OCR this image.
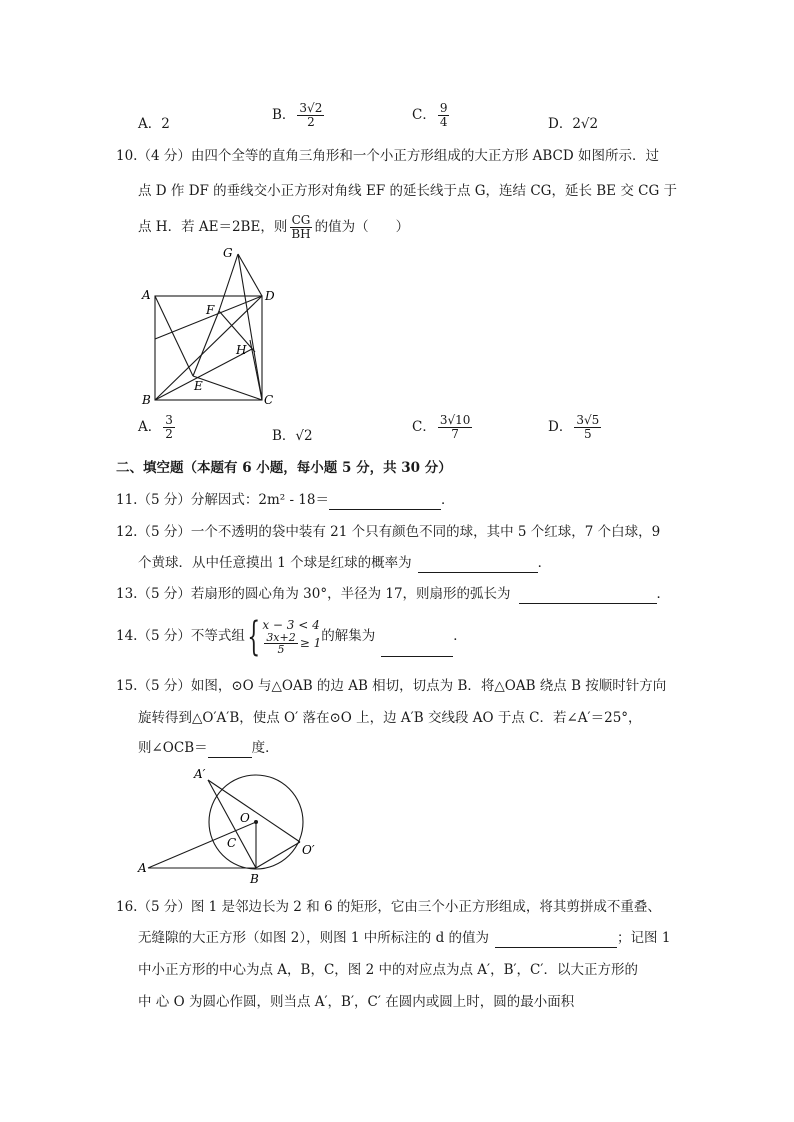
A．2
B． $\frac{3√2}{2}$	C． $\frac{9}{4}$	D．2√2
10.（4 分）由四个全等的直角三角形和一个小正方形组成的大正方形 ABCD 如图所示．过
点 D 作 DF 的垂线交小正方形对角线 EF 的延长线于点 G，连结 CG，延长 BE 交 CG 于
点 H．若 AE＝2BE，则 $\frac{CG}{BH}$ 的值为（　　）
A
B	C
D
E
F
G
H
A． $\frac{3}{2}$	B．√2
C． $\frac{3√10}{7}$	D． $\frac{3√5}{5}$
二、填空题（本题有 6 小题，每小题 5 分，共 30 分）
11.（5 分）分解因式：2m² - 18＝	．
12.（5 分）一个不透明的袋中装有 21 个只有颜色不同的球，其中 5 个红球，7 个白球，9
个黄球．从中任意摸出 1 个球是红球的概率为	．
13.（5 分）若扇形的圆心角为 30°，半径为 17，则扇形的弧长为	．
14.（5 分）不等式组 { x − 3 < 4
$\frac{3x+2}{5} \ge 1$ 的解集为	．
15.（5 分）如图，⊙O 与△OAB 的边 AB 相切，切点为 B．将△OAB 绕点 B 按顺时针方向
旋转得到△O′A′B，使点 O′ 落在⊙O 上，边 A′B 交线段 AO 于点 C．若∠A′＝25°，
则∠OCB＝	度．
A′
O
C	O′
A
B
16.（5 分）图 1 是邻边长为 2 和 6 的矩形，它由三个小正方形组成，将其剪拼成不重叠、
无缝隙的大正方形（如图 2），则图 1 中所标注的 d 的值为	；记图 1
中小正方形的中心为点 A，B，C，图 2 中的对应点为点 A′，B′，C′．以大正方形的
中 心 O 为圆心作圆，则当点 A′，B′，C′ 在圆内或圆上时，圆的最小面积
